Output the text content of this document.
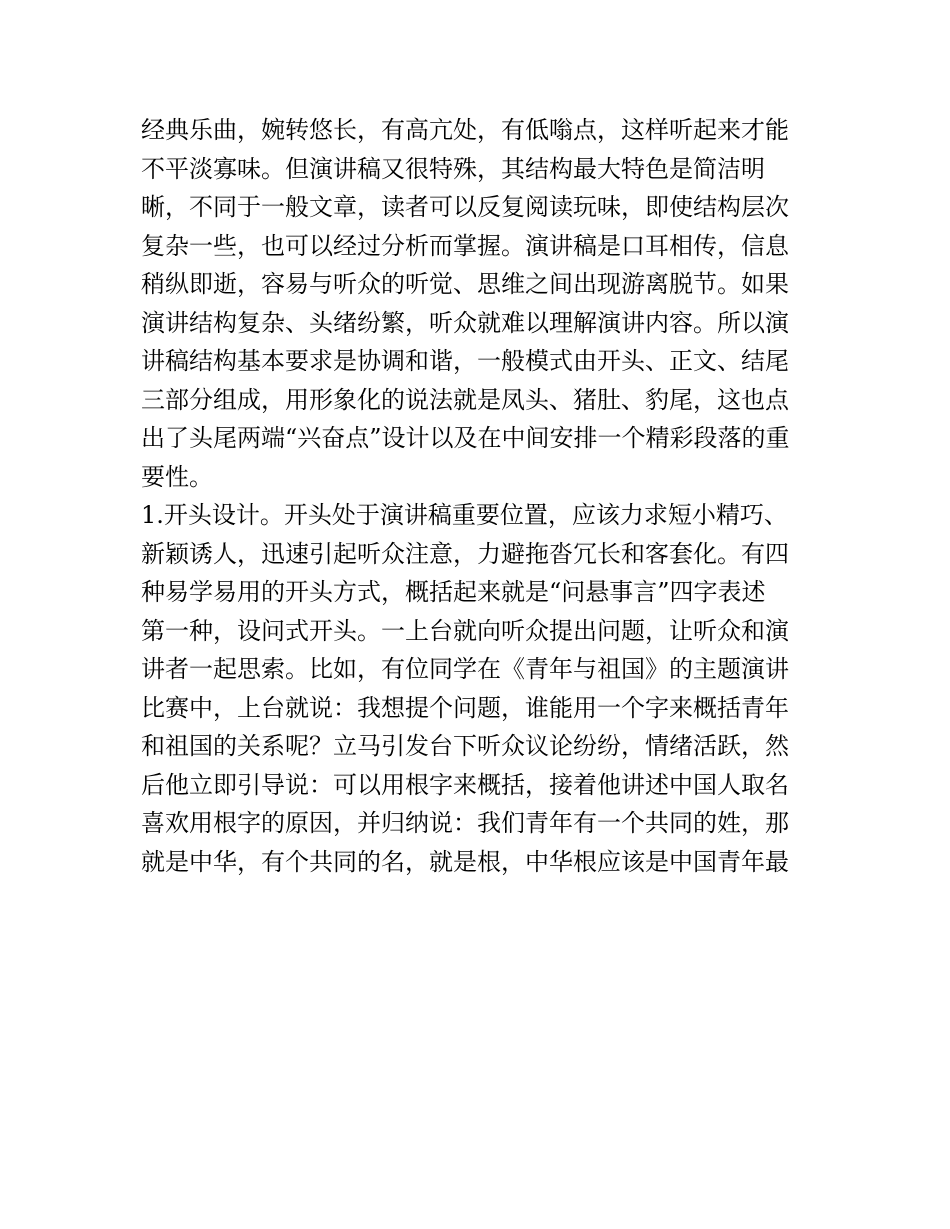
经典乐曲，婉转悠长，有高亢处，有低嗡点，这样听起来才能
不平淡寡味。但演讲稿又很特殊，其结构最大特色是简洁明
晰，不同于一般文章，读者可以反复阅读玩味，即使结构层次
复杂一些，也可以经过分析而掌握。演讲稿是口耳相传，信息
稍纵即逝，容易与听众的听觉、思维之间出现游离脱节。如果
演讲结构复杂、头绪纷繁，听众就难以理解演讲内容。所以演
讲稿结构基本要求是协调和谐，一般模式由开头、正文、结尾
三部分组成，用形象化的说法就是凤头、猪肚、豹尾，这也点
出了头尾两端“兴奋点”设计以及在中间安排一个精彩段落的重
要性。
1.开头设计。开头处于演讲稿重要位置，应该力求短小精巧、
新颖诱人，迅速引起听众注意，力避拖沓冗长和客套化。有四
种易学易用的开头方式，概括起来就是“问悬事言”四字表述
第一种，设问式开头。一上台就向听众提出问题，让听众和演
讲者一起思索。比如，有位同学在《青年与祖国》的主题演讲
比赛中，上台就说：我想提个问题，谁能用一个字来概括青年
和祖国的关系呢？立马引发台下听众议论纷纷，情绪活跃，然
后他立即引导说：可以用根字来概括，接着他讲述中国人取名
喜欢用根字的原因，并归纳说：我们青年有一个共同的姓，那
就是中华，有个共同的名，就是根，中华根应该是中国青年最
